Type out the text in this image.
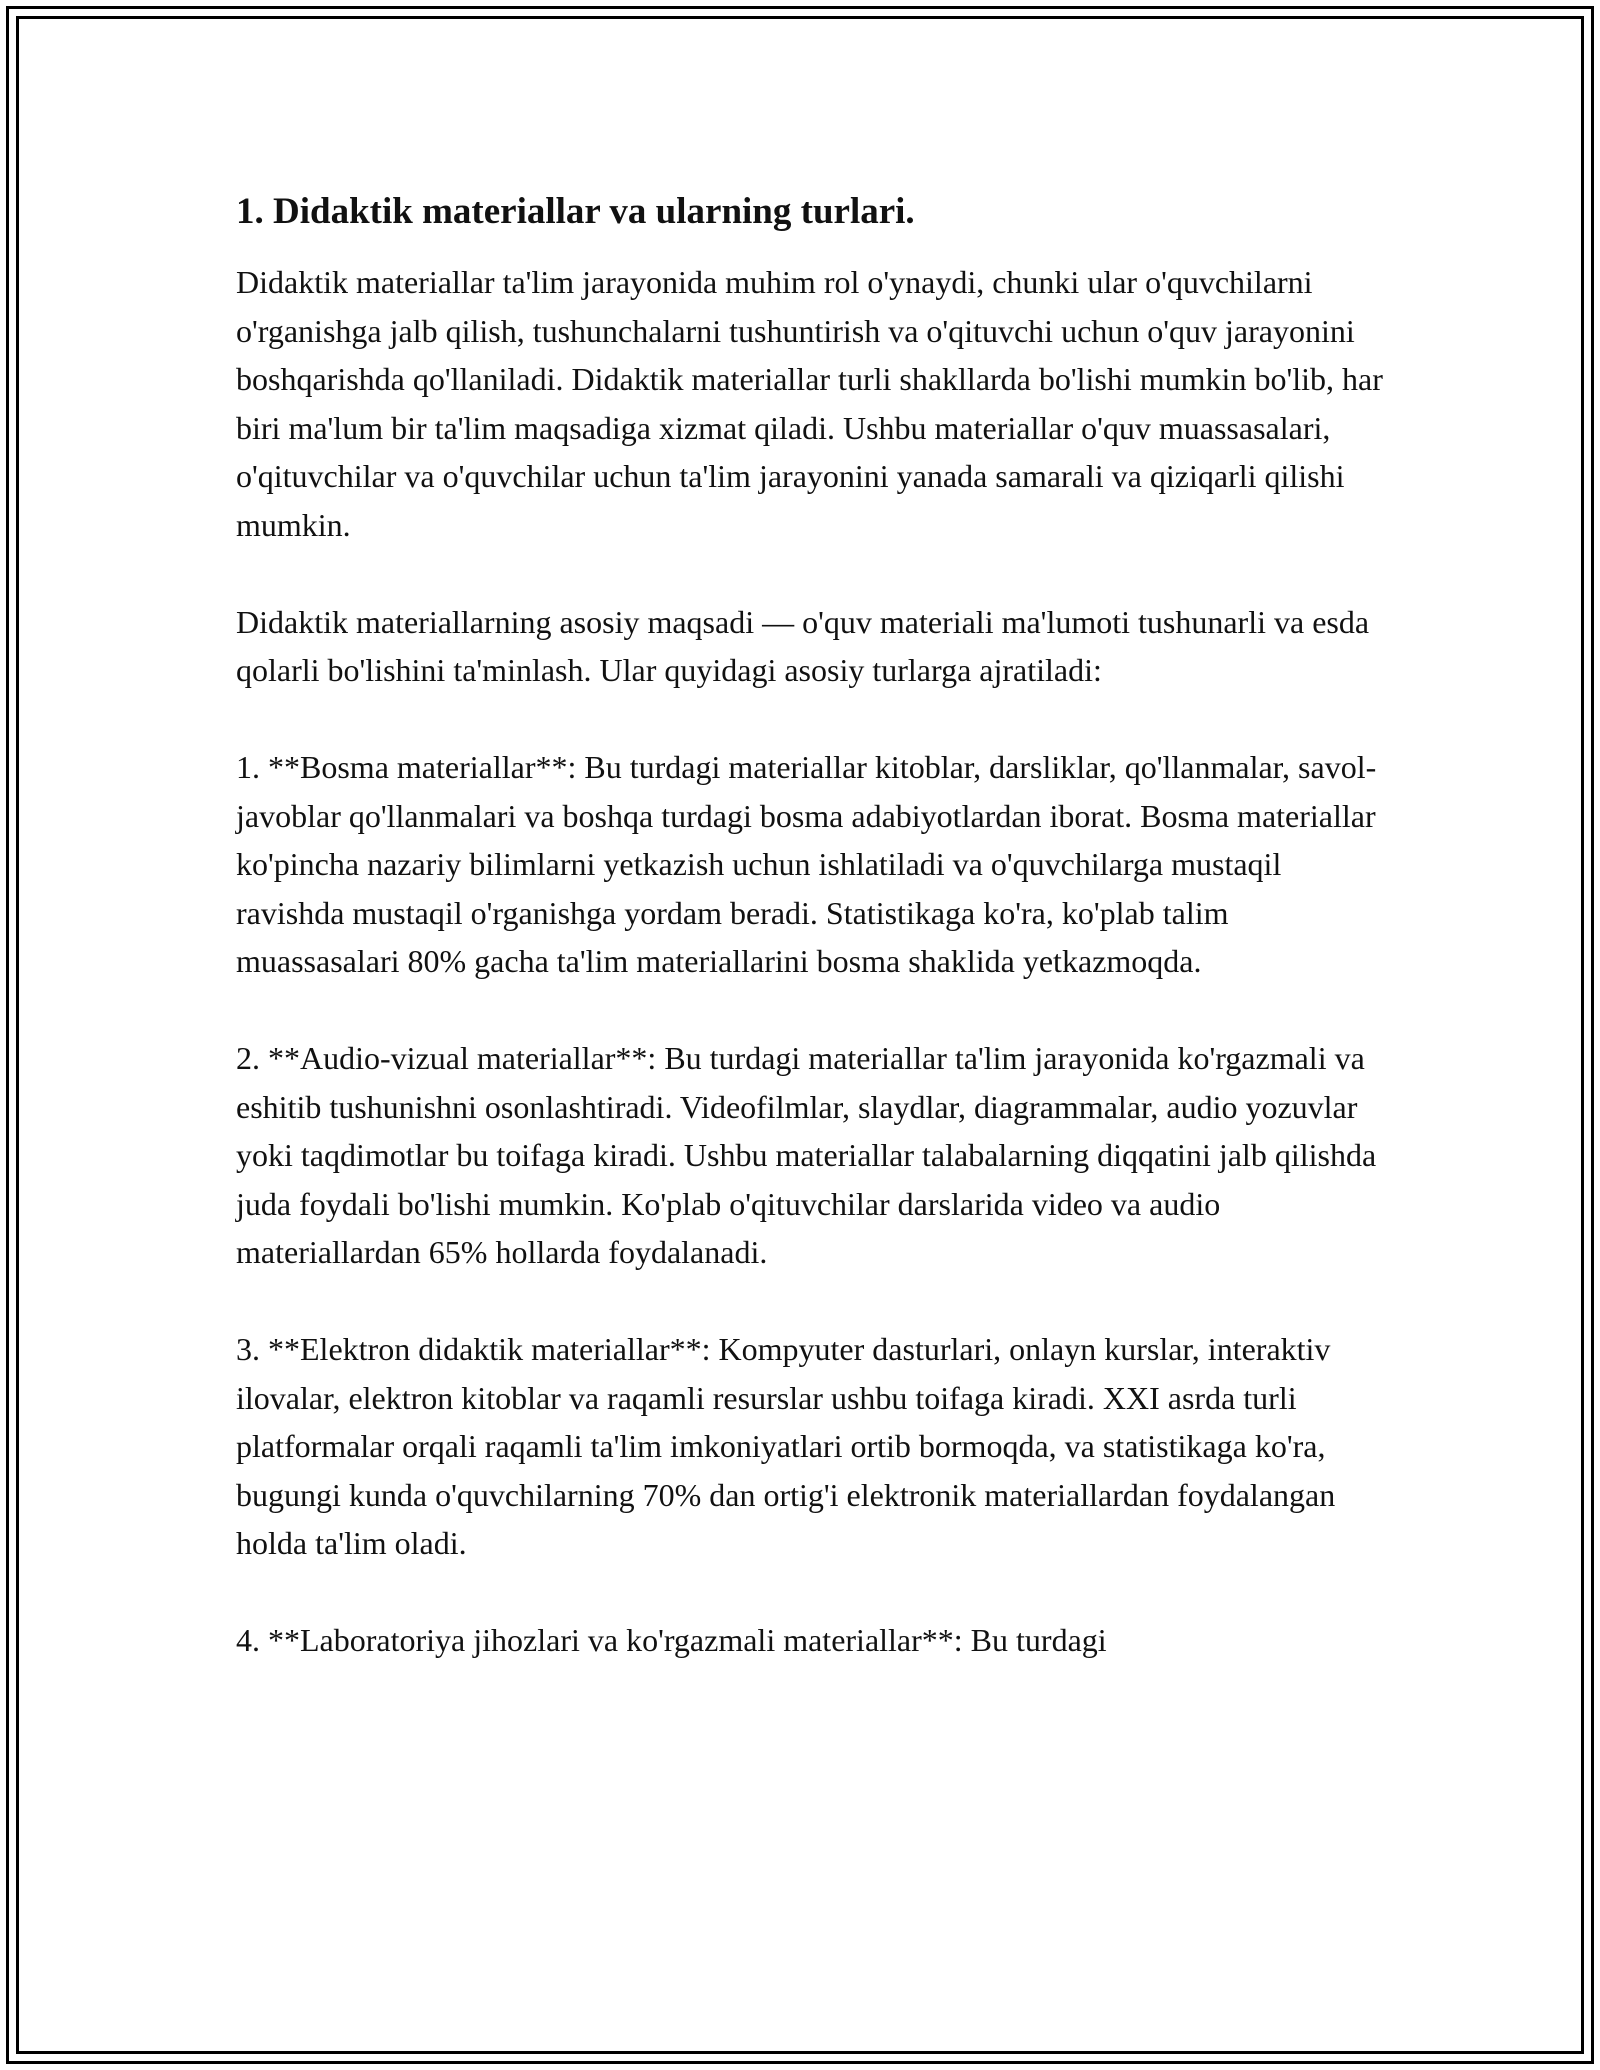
1. Didaktik materiallar va ularning turlari.

Didaktik materiallar ta'lim jarayonida muhim rol o'ynaydi, chunki ular o'quvchilarni o'rganishga jalb qilish, tushunchalarni tushuntirish va o'qituvchi uchun o'quv jarayonini boshqarishda qo'llaniladi. Didaktik materiallar turli shakllarda bo'lishi mumkin bo'lib, har biri ma'lum bir ta'lim maqsadiga xizmat qiladi. Ushbu materiallar o'quv muassasalari, o'qituvchilar va o'quvchilar uchun ta'lim jarayonini yanada samarali va qiziqarli qilishi mumkin.

Didaktik materiallarning asosiy maqsadi — o'quv materiali ma'lumoti tushunarli va esda qolarli bo'lishini ta'minlash. Ular quyidagi asosiy turlarga ajratiladi:

1. **Bosma materiallar**: Bu turdagi materiallar kitoblar, darsliklar, qo'llanmalar, savol-javoblar qo'llanmalari va boshqa turdagi bosma adabiyotlardan iborat. Bosma materiallar ko'pincha nazariy bilimlarni yetkazish uchun ishlatiladi va o'quvchilarga mustaqil ravishda mustaqil o'rganishga yordam beradi. Statistikaga ko'ra, ko'plab talim muassasalari 80% gacha ta'lim materiallarini bosma shaklida yetkazmoqda.

2. **Audio-vizual materiallar**: Bu turdagi materiallar ta'lim jarayonida ko'rgazmali va eshitib tushunishni osonlashtiradi. Videofilmlar, slaydlar, diagrammalar, audio yozuvlar yoki taqdimotlar bu toifaga kiradi. Ushbu materiallar talabalarning diqqatini jalb qilishda juda foydali bo'lishi mumkin. Ko'plab o'qituvchilar darslarida video va audio materiallardan 65% hollarda foydalanadi.

3. **Elektron didaktik materiallar**: Kompyuter dasturlari, onlayn kurslar, interaktiv ilovalar, elektron kitoblar va raqamli resurslar ushbu toifaga kiradi. XXI asrda turli platformalar orqali raqamli ta'lim imkoniyatlari ortib bormoqda, va statistikaga ko'ra, bugungi kunda o'quvchilarning 70% dan ortig'i elektronik materiallardan foydalangan holda ta'lim oladi.

4. **Laboratoriya jihozlari va ko'rgazmali materiallar**: Bu turdagi
